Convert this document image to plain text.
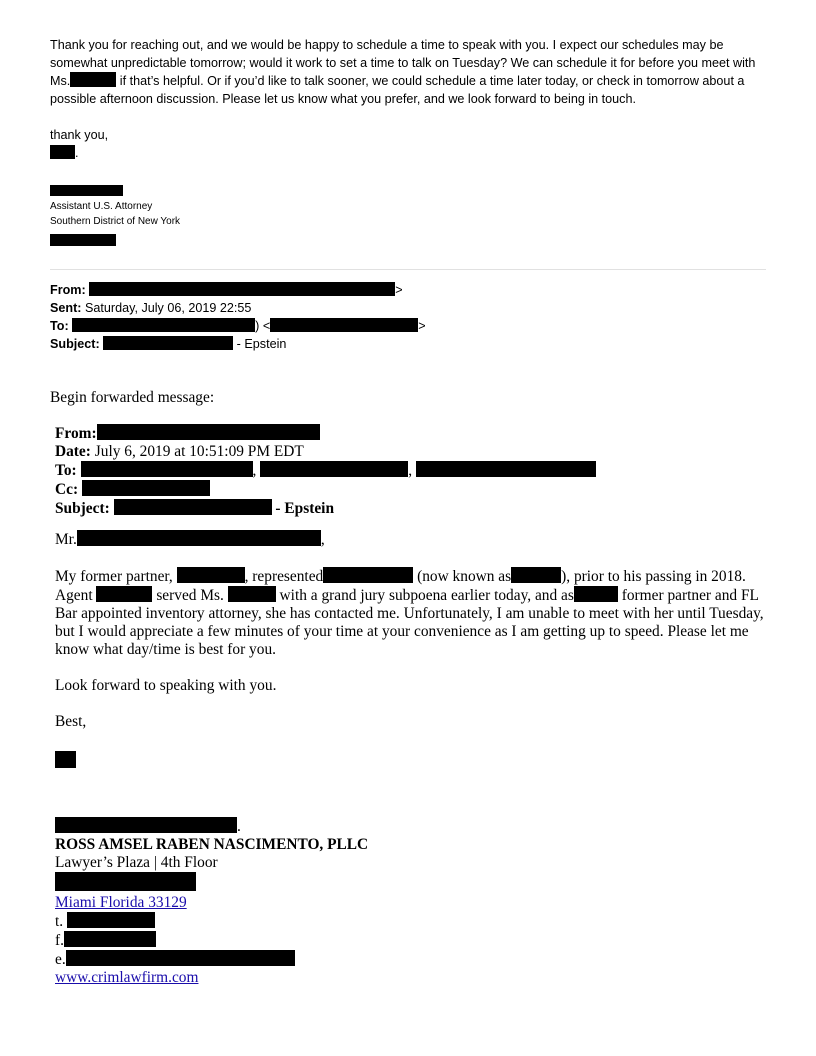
Thank you for reaching out, and we would be happy to schedule a time to speak with you. I expect our schedules may be somewhat unpredictable tomorrow; would it work to set a time to talk on Tuesday? We can schedule it for before you meet with Ms.	if that’s helpful. Or if you’d like to talk sooner, we could schedule a time later today, or check in tomorrow about a possible afternoon discussion. Please let us know what you prefer, and we look forward to being in touch.

thank you,

.

Assistant U.S. Attorney
Southern District of New York
From:	>
Sent: Saturday, July 06, 2019 22:55
To:	) <	>
Subject:	- Epstein
Begin forwarded message:
From:
Date: July 6, 2019 at 10:51:09 PM EDT
To:	,	,
Cc:
Subject:	- Epstein

Mr.	,

My former partner,	, represented	(now known as	), prior to his passing in 2018. Agent	served Ms.	with a grand jury subpoena earlier today, and as	former partner and FL Bar appointed inventory attorney, she has contacted me. Unfortunately, I am unable to meet with her until Tuesday, but I would appreciate a few minutes of your time at your convenience as I am getting up to speed. Please let me know what day/time is best for you.

Look forward to speaking with you.

Best,

.
ROSS AMSEL RABEN NASCIMENTO, PLLC
Lawyer’s Plaza | 4th Floor
Miami Florida 33129
t.
f.
e.
www.crimlawfirm.com
